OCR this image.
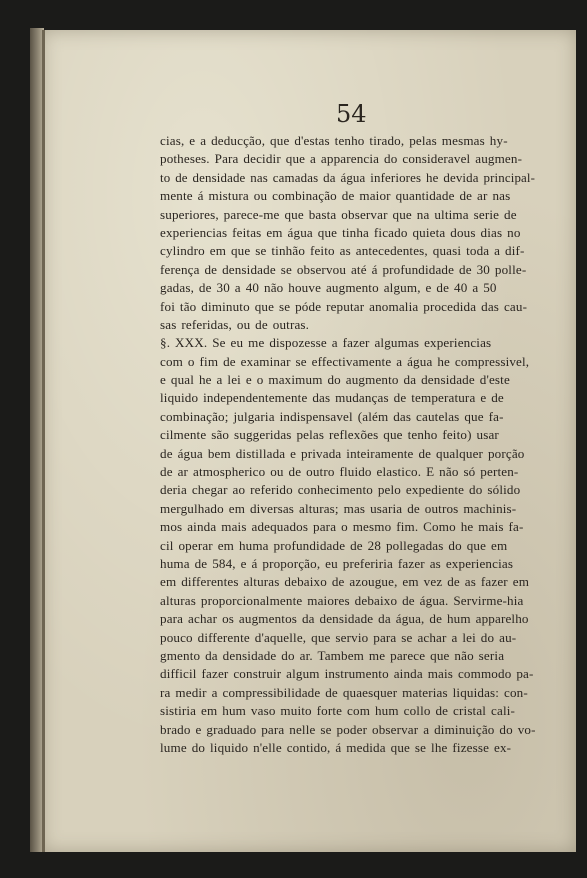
54
cias, e a deducção, que d'estas tenho tirado, pelas mesmas hy-
potheses. Para decidir que a apparencia do consideravel augmen-
to de densidade nas camadas da água inferiores he devida principal-
mente á mistura ou combinação de maior quantidade de ar nas
superiores, parece-me que basta observar que na ultima serie de
experiencias feitas em água que tinha ficado quieta dous dias no
cylindro em que se tinhão feito as antecedentes, quasi toda a dif-
ferença de densidade se observou até á profundidade de 30 polle-
gadas, de 30 a 40 não houve augmento algum, e de 40 a 50
foi tão diminuto que se póde reputar anomalia procedida das cau-
sas referidas, ou de outras.
§. XXX. Se eu me dispozesse a fazer algumas experiencias
com o fim de examinar se effectivamente a água he compressivel,
e qual he a lei e o maximum do augmento da densidade d'este
liquido independentemente das mudanças de temperatura e de
combinação; julgaria indispensavel (além das cautelas que fa-
cilmente são suggeridas pelas reflexões que tenho feito) usar
de água bem distillada e privada inteiramente de qualquer porção
de ar atmospherico ou de outro fluido elastico. E não só perten-
deria chegar ao referido conhecimento pelo expediente do sólido
mergulhado em diversas alturas; mas usaria de outros machinis-
mos ainda mais adequados para o mesmo fim. Como he mais fa-
cil operar em huma profundidade de 28 pollegadas do que em
huma de 584, e á proporção, eu preferiria fazer as experiencias
em differentes alturas debaixo de azougue, em vez de as fazer em
alturas proporcionalmente maiores debaixo de água. Servirme-hia
para achar os augmentos da densidade da água, de hum apparelho
pouco differente d'aquelle, que servio para se achar a lei do au-
gmento da densidade do ar. Tambem me parece que não seria
difficil fazer construir algum instrumento ainda mais commodo pa-
ra medir a compressibilidade de quaesquer materias liquidas: con-
sistiria em hum vaso muito forte com hum collo de cristal cali-
brado e graduado para nelle se poder observar a diminuição do vo-
lume do liquido n'elle contido, á medida que se lhe fizesse ex-
